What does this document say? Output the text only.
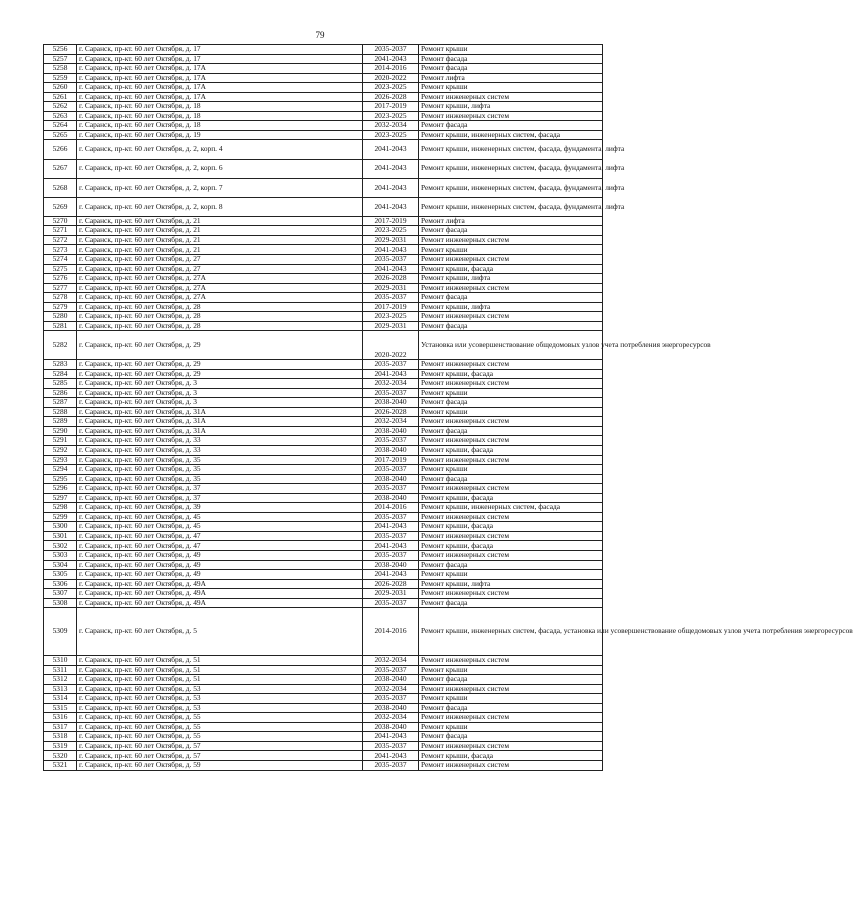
79
5256	г. Саранск, пр-кт. 60 лет Октября, д. 17	2035-2037	Ремонт крыши
5257	г. Саранск, пр-кт. 60 лет Октября, д. 17	2041-2043	Ремонт фасада
5258	г. Саранск, пр-кт. 60 лет Октября, д. 17А	2014-2016	Ремонт фасада
5259	г. Саранск, пр-кт. 60 лет Октября, д. 17А	2020-2022	Ремонт лифта
5260	г. Саранск, пр-кт. 60 лет Октября, д. 17А	2023-2025	Ремонт крыши
5261	г. Саранск, пр-кт. 60 лет Октября, д. 17А	2026-2028	Ремонт инженерных систем
5262	г. Саранск, пр-кт. 60 лет Октября, д. 18	2017-2019	Ремонт крыши, лифта
5263	г. Саранск, пр-кт. 60 лет Октября, д. 18	2023-2025	Ремонт инженерных систем
5264	г. Саранск, пр-кт. 60 лет Октября, д. 18	2032-2034	Ремонт фасада
5265	г. Саранск, пр-кт. 60 лет Октября, д. 19	2023-2025	Ремонт крыши, инженерных систем, фасада
5266	г. Саранск, пр-кт. 60 лет Октября, д. 2, корп. 4	2041-2043	Ремонт крыши, инженерных систем, фасада, фундамента, лифта
5267	г. Саранск, пр-кт. 60 лет Октября, д. 2, корп. 6	2041-2043	Ремонт крыши, инженерных систем, фасада, фундамента, лифта
5268	г. Саранск, пр-кт. 60 лет Октября, д. 2, корп. 7	2041-2043	Ремонт крыши, инженерных систем, фасада, фундамента, лифта
5269	г. Саранск, пр-кт. 60 лет Октября, д. 2, корп. 8	2041-2043	Ремонт крыши, инженерных систем, фасада, фундамента, лифта
5270	г. Саранск, пр-кт. 60 лет Октября, д. 21	2017-2019	Ремонт лифта
5271	г. Саранск, пр-кт. 60 лет Октября, д. 21	2023-2025	Ремонт фасада
5272	г. Саранск, пр-кт. 60 лет Октября, д. 21	2029-2031	Ремонт инженерных систем
5273	г. Саранск, пр-кт. 60 лет Октября, д. 21	2041-2043	Ремонт крыши
5274	г. Саранск, пр-кт. 60 лет Октября, д. 27	2035-2037	Ремонт инженерных систем
5275	г. Саранск, пр-кт. 60 лет Октября, д. 27	2041-2043	Ремонт крыши, фасада
5276	г. Саранск, пр-кт. 60 лет Октября, д. 27А	2026-2028	Ремонт крыши, лифта
5277	г. Саранск, пр-кт. 60 лет Октября, д. 27А	2029-2031	Ремонт инженерных систем
5278	г. Саранск, пр-кт. 60 лет Октября, д. 27А	2035-2037	Ремонт фасада
5279	г. Саранск, пр-кт. 60 лет Октября, д. 28	2017-2019	Ремонт крыши, лифта
5280	г. Саранск, пр-кт. 60 лет Октября, д. 28	2023-2025	Ремонт инженерных систем
5281	г. Саранск, пр-кт. 60 лет Октября, д. 28	2029-2031	Ремонт фасада
5282	г. Саранск, пр-кт. 60 лет Октября, д. 29	2020-2022	Установка или усовершенствование общедомовых узлов учета потребления энергоресурсов
5283	г. Саранск, пр-кт. 60 лет Октября, д. 29	2035-2037	Ремонт инженерных систем
5284	г. Саранск, пр-кт. 60 лет Октября, д. 29	2041-2043	Ремонт крыши, фасада
5285	г. Саранск, пр-кт. 60 лет Октября, д. 3	2032-2034	Ремонт инженерных систем
5286	г. Саранск, пр-кт. 60 лет Октября, д. 3	2035-2037	Ремонт крыши
5287	г. Саранск, пр-кт. 60 лет Октября, д. 3	2038-2040	Ремонт фасада
5288	г. Саранск, пр-кт. 60 лет Октября, д. 31А	2026-2028	Ремонт крыши
5289	г. Саранск, пр-кт. 60 лет Октября, д. 31А	2032-2034	Ремонт инженерных систем
5290	г. Саранск, пр-кт. 60 лет Октября, д. 31А	2038-2040	Ремонт фасада
5291	г. Саранск, пр-кт. 60 лет Октября, д. 33	2035-2037	Ремонт инженерных систем
5292	г. Саранск, пр-кт. 60 лет Октября, д. 33	2038-2040	Ремонт крыши, фасада
5293	г. Саранск, пр-кт. 60 лет Октября, д. 35	2017-2019	Ремонт инженерных систем
5294	г. Саранск, пр-кт. 60 лет Октября, д. 35	2035-2037	Ремонт крыши
5295	г. Саранск, пр-кт. 60 лет Октября, д. 35	2038-2040	Ремонт фасада
5296	г. Саранск, пр-кт. 60 лет Октября, д. 37	2035-2037	Ремонт инженерных систем
5297	г. Саранск, пр-кт. 60 лет Октября, д. 37	2038-2040	Ремонт крыши, фасада
5298	г. Саранск, пр-кт. 60 лет Октября, д. 39	2014-2016	Ремонт крыши, инженерных систем, фасада
5299	г. Саранск, пр-кт. 60 лет Октября, д. 45	2035-2037	Ремонт инженерных систем
5300	г. Саранск, пр-кт. 60 лет Октября, д. 45	2041-2043	Ремонт крыши, фасада
5301	г. Саранск, пр-кт. 60 лет Октября, д. 47	2035-2037	Ремонт инженерных систем
5302	г. Саранск, пр-кт. 60 лет Октября, д. 47	2041-2043	Ремонт крыши, фасада
5303	г. Саранск, пр-кт. 60 лет Октября, д. 49	2035-2037	Ремонт инженерных систем
5304	г. Саранск, пр-кт. 60 лет Октября, д. 49	2038-2040	Ремонт фасада
5305	г. Саранск, пр-кт. 60 лет Октября, д. 49	2041-2043	Ремонт крыши
5306	г. Саранск, пр-кт. 60 лет Октября, д. 49А	2026-2028	Ремонт крыши, лифта
5307	г. Саранск, пр-кт. 60 лет Октября, д. 49А	2029-2031	Ремонт инженерных систем
5308	г. Саранск, пр-кт. 60 лет Октября, д. 49А	2035-2037	Ремонт фасада
5309	г. Саранск, пр-кт. 60 лет Октября, д. 5	2014-2016	Ремонт крыши, инженерных систем, фасада, установка или усовершенствование общедомовых узлов учета потребления энергоресурсов
5310	г. Саранск, пр-кт. 60 лет Октября, д. 51	2032-2034	Ремонт инженерных систем
5311	г. Саранск, пр-кт. 60 лет Октября, д. 51	2035-2037	Ремонт крыши
5312	г. Саранск, пр-кт. 60 лет Октября, д. 51	2038-2040	Ремонт фасада
5313	г. Саранск, пр-кт. 60 лет Октября, д. 53	2032-2034	Ремонт инженерных систем
5314	г. Саранск, пр-кт. 60 лет Октября, д. 53	2035-2037	Ремонт крыши
5315	г. Саранск, пр-кт. 60 лет Октября, д. 53	2038-2040	Ремонт фасада
5316	г. Саранск, пр-кт. 60 лет Октября, д. 55	2032-2034	Ремонт инженерных систем
5317	г. Саранск, пр-кт. 60 лет Октября, д. 55	2038-2040	Ремонт крыши
5318	г. Саранск, пр-кт. 60 лет Октября, д. 55	2041-2043	Ремонт фасада
5319	г. Саранск, пр-кт. 60 лет Октября, д. 57	2035-2037	Ремонт инженерных систем
5320	г. Саранск, пр-кт. 60 лет Октября, д. 57	2041-2043	Ремонт крыши, фасада
5321	г. Саранск, пр-кт. 60 лет Октября, д. 59	2035-2037	Ремонт инженерных систем
